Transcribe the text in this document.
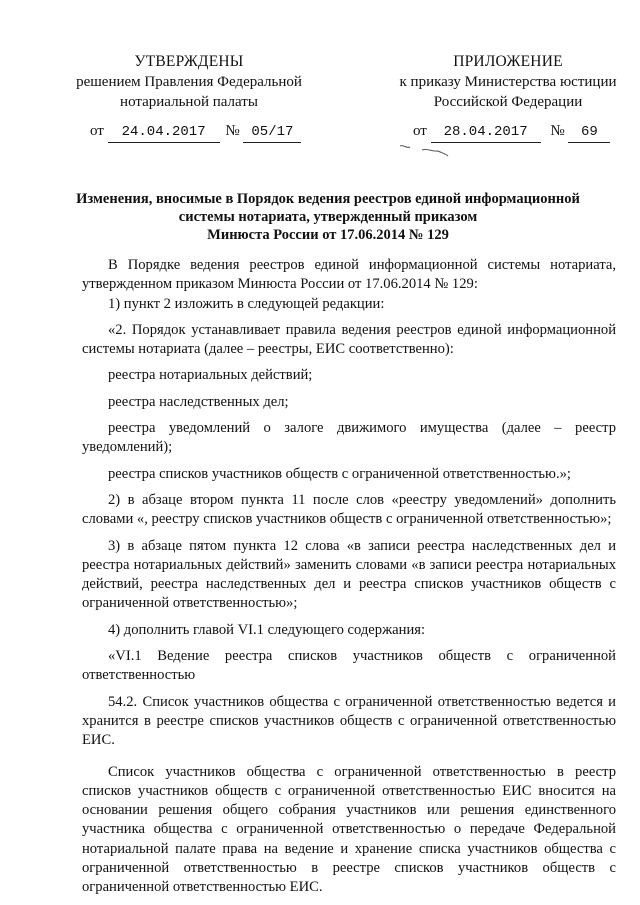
УТВЕРЖДЕНЫ
решением Правления Федеральной
нотариальной палаты
ПРИЛОЖЕНИЕ
к приказу Министерства юстиции
Российской Федерации
от 24.04.2017 № 05/17	от 28.04.2017 № 69
Изменения, вносимые в Порядок ведения реестров единой информационной
системы нотариата, утвержденный приказом
Минюста России от 17.06.2014 № 129

В Порядке ведения реестров единой информационной системы нотариата, утвержденном приказом Минюста России от 17.06.2014 № 129:

1) пункт 2 изложить в следующей редакции:

«2. Порядок устанавливает правила ведения реестров единой информационной системы нотариата (далее – реестры, ЕИС соответственно):

реестра нотариальных действий;

реестра наследственных дел;

реестра уведомлений о залоге движимого имущества (далее – реестр уведомлений);

реестра списков участников обществ с ограниченной ответственностью.»;

2) в абзаце втором пункта 11 после слов «реестру уведомлений» дополнить словами «, реестру списков участников обществ с ограниченной ответственностью»;

3) в абзаце пятом пункта 12 слова «в записи реестра наследственных дел и реестра нотариальных действий» заменить словами «в записи реестра нотариальных действий, реестра наследственных дел и реестра списков участников обществ с ограниченной ответственностью»;

4) дополнить главой VI.1 следующего содержания:

«VI.1 Ведение реестра списков участников обществ с ограниченной ответственностью

54.2. Список участников общества с ограниченной ответственностью ведется и хранится в реестре списков участников обществ с ограниченной ответственностью ЕИС.

Список участников общества с ограниченной ответственностью в реестр списков участников обществ с ограниченной ответственностью ЕИС вносится на основании решения общего собрания участников или решения единственного участника общества с ограниченной ответственностью о передаче Федеральной нотариальной палате права на ведение и хранение списка участников общества с ограниченной ответственностью в реестре списков участников обществ с ограниченной ответственностью ЕИС.
